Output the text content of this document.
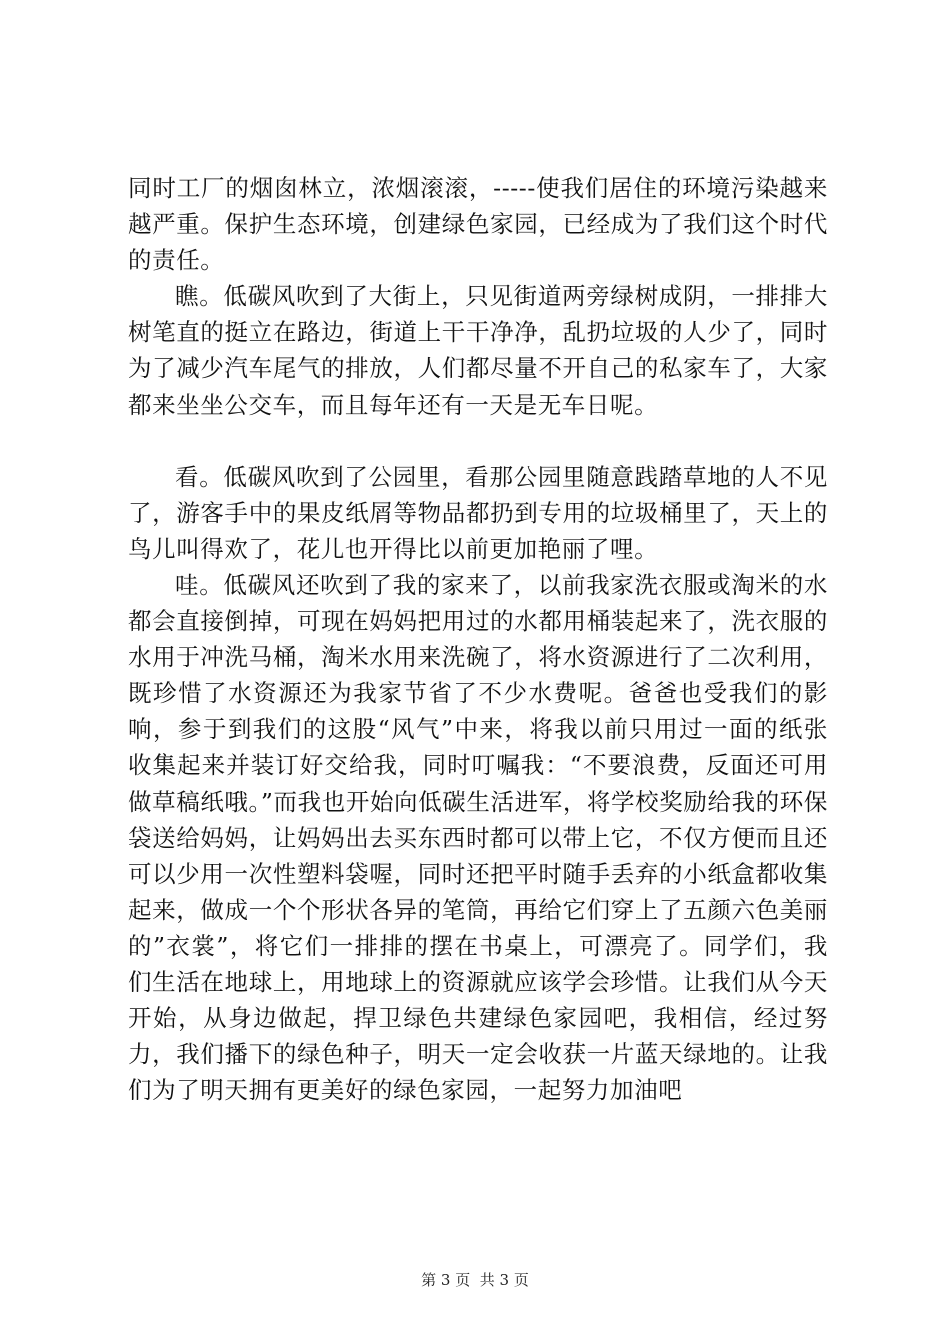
同时工厂的烟囱林立，浓烟滚滚，-----使我们居住的环境污染越来越严重。保护生态环境，创建绿色家园，已经成为了我们这个时代的责任。

瞧。低碳风吹到了大街上，只见街道两旁绿树成阴，一排排大树笔直的挺立在路边，街道上干干净净，乱扔垃圾的人少了，同时为了减少汽车尾气的排放，人们都尽量不开自己的私家车了，大家都来坐坐公交车，而且每年还有一天是无车日呢。

看。低碳风吹到了公园里，看那公园里随意践踏草地的人不见了，游客手中的果皮纸屑等物品都扔到专用的垃圾桶里了，天上的鸟儿叫得欢了，花儿也开得比以前更加艳丽了哩。

哇。低碳风还吹到了我的家来了，以前我家洗衣服或淘米的水都会直接倒掉，可现在妈妈把用过的水都用桶装起来了，洗衣服的水用于冲洗马桶，淘米水用来洗碗了，将水资源进行了二次利用，既珍惜了水资源还为我家节省了不少水费呢。爸爸也受我们的影响，参于到我们的这股“风气”中来，将我以前只用过一面的纸张收集起来并装订好交给我，同时叮嘱我：“不要浪费，反面还可用做草稿纸哦。”而我也开始向低碳生活进军，将学校奖励给我的环保袋送给妈妈，让妈妈出去买东西时都可以带上它，不仅方便而且还可以少用一次性塑料袋喔，同时还把平时随手丢弃的小纸盒都收集起来，做成一个个形状各异的笔筒，再给它们穿上了五颜六色美丽的”衣裳”，将它们一排排的摆在书桌上，可漂亮了。同学们，我们生活在地球上，用地球上的资源就应该学会珍惜。让我们从今天开始，从身边做起，捍卫绿色共建绿色家园吧，我相信，经过努力，我们播下的绿色种子，明天一定会收获一片蓝天绿地的。让我们为了明天拥有更美好的绿色家园，一起努力加油吧

第 3 页 共 3 页
